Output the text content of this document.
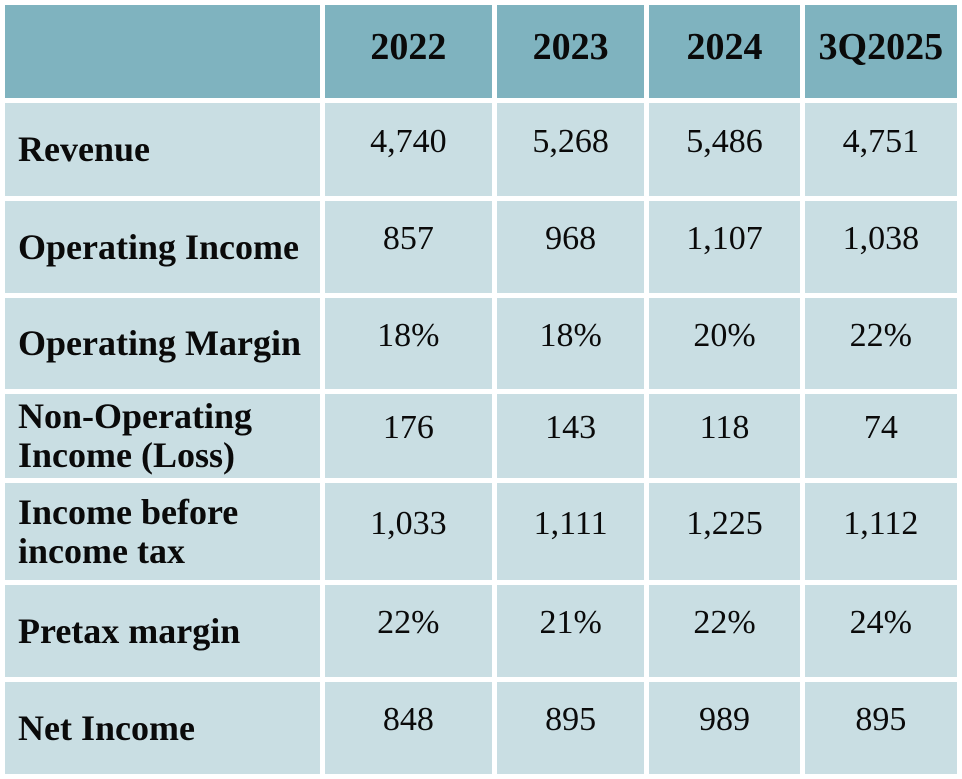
	2022	2023	2024	3Q2025
Revenue	4,740	5,268	5,486	4,751
Operating Income	857	968	1,107	1,038
Operating Margin	18%	18%	20%	22%
Non-Operating Income (Loss)	176	143	118	74
Income before income tax	1,033	1,111	1,225	1,112
Pretax margin	22%	21%	22%	24%
Net Income	848	895	989	895
